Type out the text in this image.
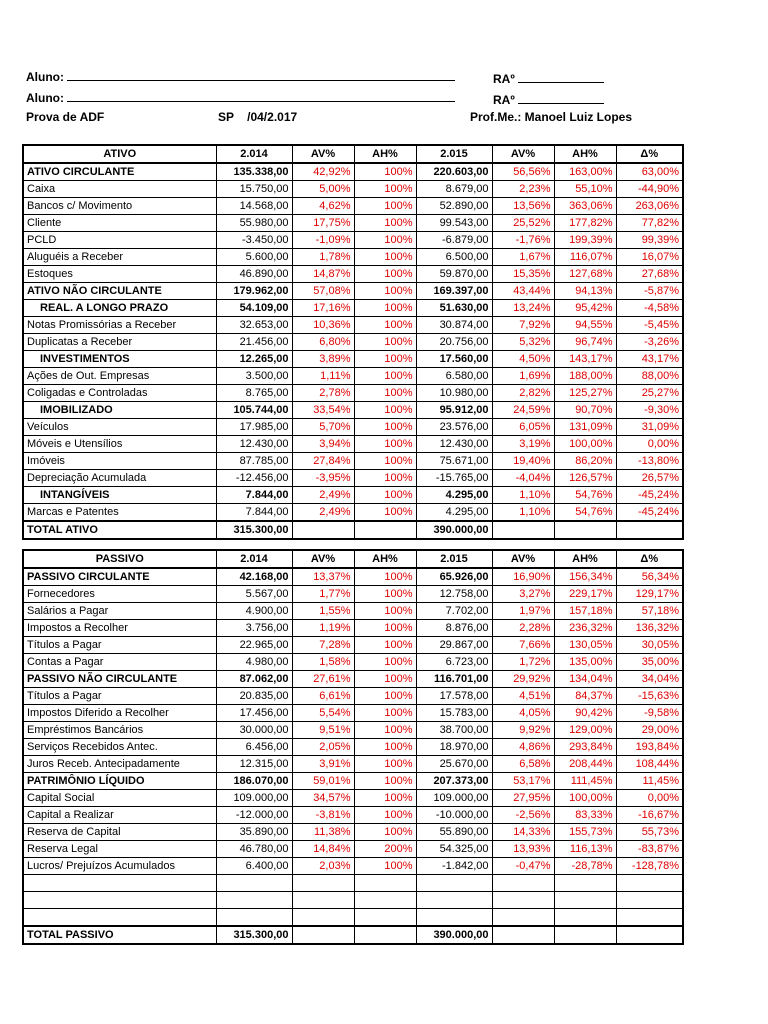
Aluno:
Aluno:
RAº
RAº
Prova de ADF	SP    /04/2.017	Prof.Me.: Manoel Luiz Lopes
ATIVO	2.014	AV%	AH%	2.015	AV%	AH%	Δ%
ATIVO CIRCULANTE	135.338,00	42,92%	100%	220.603,00	56,56%	163,00%	63,00%
Caixa	15.750,00	5,00%	100%	8.679,00	2,23%	55,10%	-44,90%
Bancos c/ Movimento	14.568,00	4,62%	100%	52.890,00	13,56%	363,06%	263,06%
Cliente	55.980,00	17,75%	100%	99.543,00	25,52%	177,82%	77,82%
PCLD	-3.450,00	-1,09%	100%	-6.879,00	-1,76%	199,39%	99,39%
Aluguéis a Receber	5.600,00	1,78%	100%	6.500,00	1,67%	116,07%	16,07%
Estoques	46.890,00	14,87%	100%	59.870,00	15,35%	127,68%	27,68%
ATIVO NÃO CIRCULANTE	179.962,00	57,08%	100%	169.397,00	43,44%	94,13%	-5,87%
REAL. A LONGO PRAZO	54.109,00	17,16%	100%	51.630,00	13,24%	95,42%	-4,58%
Notas Promissórias a Receber	32.653,00	10,36%	100%	30.874,00	7,92%	94,55%	-5,45%
Duplicatas a Receber	21.456,00	6,80%	100%	20.756,00	5,32%	96,74%	-3,26%
INVESTIMENTOS	12.265,00	3,89%	100%	17.560,00	4,50%	143,17%	43,17%
Ações de Out. Empresas	3.500,00	1,11%	100%	6.580,00	1,69%	188,00%	88,00%
Coligadas e Controladas	8.765,00	2,78%	100%	10.980,00	2,82%	125,27%	25,27%
IMOBILIZADO	105.744,00	33,54%	100%	95.912,00	24,59%	90,70%	-9,30%
Veículos	17.985,00	5,70%	100%	23.576,00	6,05%	131,09%	31,09%
Móveis e Utensílios	12.430,00	3,94%	100%	12.430,00	3,19%	100,00%	0,00%
Imóveis	87.785,00	27,84%	100%	75.671,00	19,40%	86,20%	-13,80%
Depreciação Acumulada	-12.456,00	-3,95%	100%	-15.765,00	-4,04%	126,57%	26,57%
INTANGÍVEIS	7.844,00	2,49%	100%	4.295,00	1,10%	54,76%	-45,24%
Marcas e Patentes	7.844,00	2,49%	100%	4.295,00	1,10%	54,76%	-45,24%
TOTAL ATIVO	315.300,00			390.000,00			
PASSIVO	2.014	AV%	AH%	2.015	AV%	AH%	Δ%
PASSIVO CIRCULANTE	42.168,00	13,37%	100%	65.926,00	16,90%	156,34%	56,34%
Fornecedores	5.567,00	1,77%	100%	12.758,00	3,27%	229,17%	129,17%
Salários a Pagar	4.900,00	1,55%	100%	7.702,00	1,97%	157,18%	57,18%
Impostos a Recolher	3.756,00	1,19%	100%	8.876,00	2,28%	236,32%	136,32%
Títulos a Pagar	22.965,00	7,28%	100%	29.867,00	7,66%	130,05%	30,05%
Contas a Pagar	4.980,00	1,58%	100%	6.723,00	1,72%	135,00%	35,00%
PASSIVO NÃO CIRCULANTE	87.062,00	27,61%	100%	116.701,00	29,92%	134,04%	34,04%
Títulos a Pagar	20.835,00	6,61%	100%	17.578,00	4,51%	84,37%	-15,63%
Impostos Diferido a Recolher	17.456,00	5,54%	100%	15.783,00	4,05%	90,42%	-9,58%
Empréstimos Bancários	30.000,00	9,51%	100%	38.700,00	9,92%	129,00%	29,00%
Serviços Recebidos Antec.	6.456,00	2,05%	100%	18.970,00	4,86%	293,84%	193,84%
Juros Receb. Antecipadamente	12.315,00	3,91%	100%	25.670,00	6,58%	208,44%	108,44%
PATRIMÔNIO LÍQUIDO	186.070,00	59,01%	100%	207.373,00	53,17%	111,45%	11,45%
Capital Social	109.000,00	34,57%	100%	109.000,00	27,95%	100,00%	0,00%
Capital a Realizar	-12.000,00	-3,81%	100%	-10.000,00	-2,56%	83,33%	-16,67%
Reserva de Capital	35.890,00	11,38%	100%	55.890,00	14,33%	155,73%	55,73%
Reserva Legal	46.780,00	14,84%	200%	54.325,00	13,93%	116,13%	-83,87%
Lucros/ Prejuízos Acumulados	6.400,00	2,03%	100%	-1.842,00	-0,47%	-28,78%	-128,78%

TOTAL PASSIVO	315.300,00			390.000,00			
